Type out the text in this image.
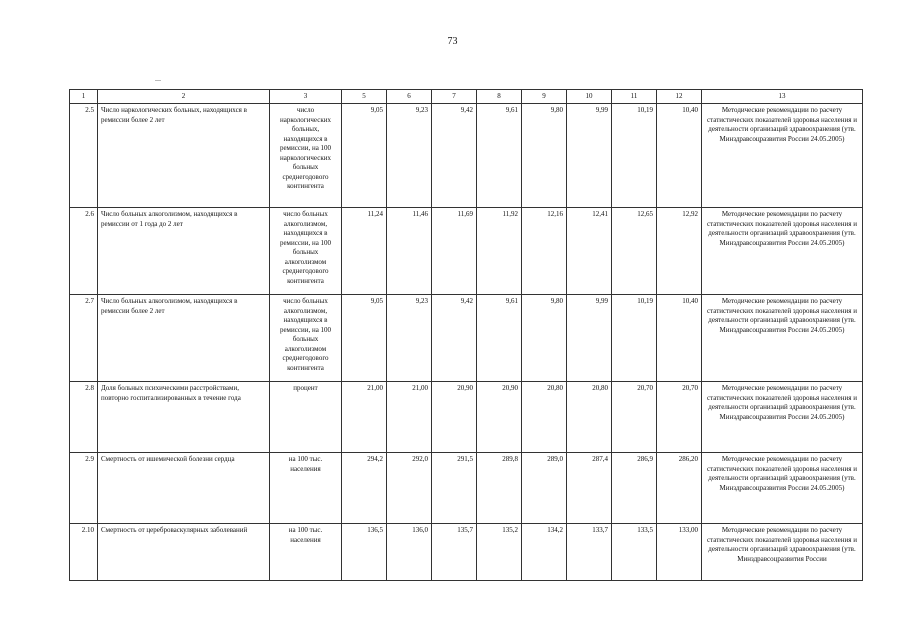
73
1	2	3	5	6	7	8	9	10	11	12	13
2.5	Число наркологических больных, находящихся в ремиссии более 2 лет	число наркологических больных, находящихся в ремиссии, на 100 наркологических больных среднегодового контингента	9,05	9,23	9,42	9,61	9,80	9,99	10,19	10,40	Методические рекомендации по расчету статистических показателей здоровья населения и деятельности организаций здравоохранения (утв. Минздравсоцразвития России 24.05.2005)
2.6	Число больных алкоголизмом, находящихся в ремиссии от 1 года до 2 лет	число больных алкоголизмом, находящихся в ремиссии, на 100 больных алкоголизмом среднегодового контингента	11,24	11,46	11,69	11,92	12,16	12,41	12,65	12,92	Методические рекомендации по расчету статистических показателей здоровья населения и деятельности организаций здравоохранения (утв. Минздравсоцразвития России 24.05.2005)
2.7	Число больных алкоголизмом, находящихся в ремиссии более 2 лет	число больных алкоголизмом, находящихся в ремиссии, на 100 больных алкоголизмом среднегодового контингента	9,05	9,23	9,42	9,61	9,80	9,99	10,19	10,40	Методические рекомендации по расчету статистических показателей здоровья населения и деятельности организаций здравоохранения (утв. Минздравсоцразвития России 24.05.2005)
2.8	Доля больных психическими расстройствами, повторно госпитализированных в течение года	процент	21,00	21,00	20,90	20,90	20,80	20,80	20,70	20,70	Методические рекомендации по расчету статистических показателей здоровья населения и деятельности организаций здравоохранения (утв. Минздравсоцразвития России 24.05.2005)
2.9	Смертность от ишемической болезни сердца	на 100 тыс. населения	294,2	292,0	291,5	289,8	289,0	287,4	286,9	286,20	Методические рекомендации по расчету статистических показателей здоровья населения и деятельности организаций здравоохранения (утв. Минздравсоцразвития России 24.05.2005)
2.10	Смертность от цереброваскулярных заболеваний	на 100 тыс. населения	136,5	136,0	135,7	135,2	134,2	133,7	133,5	133,00	Методические рекомендации по расчету статистических показателей здоровья населения и деятельности организаций здравоохранения (утв. Минздравсоцразвития России
